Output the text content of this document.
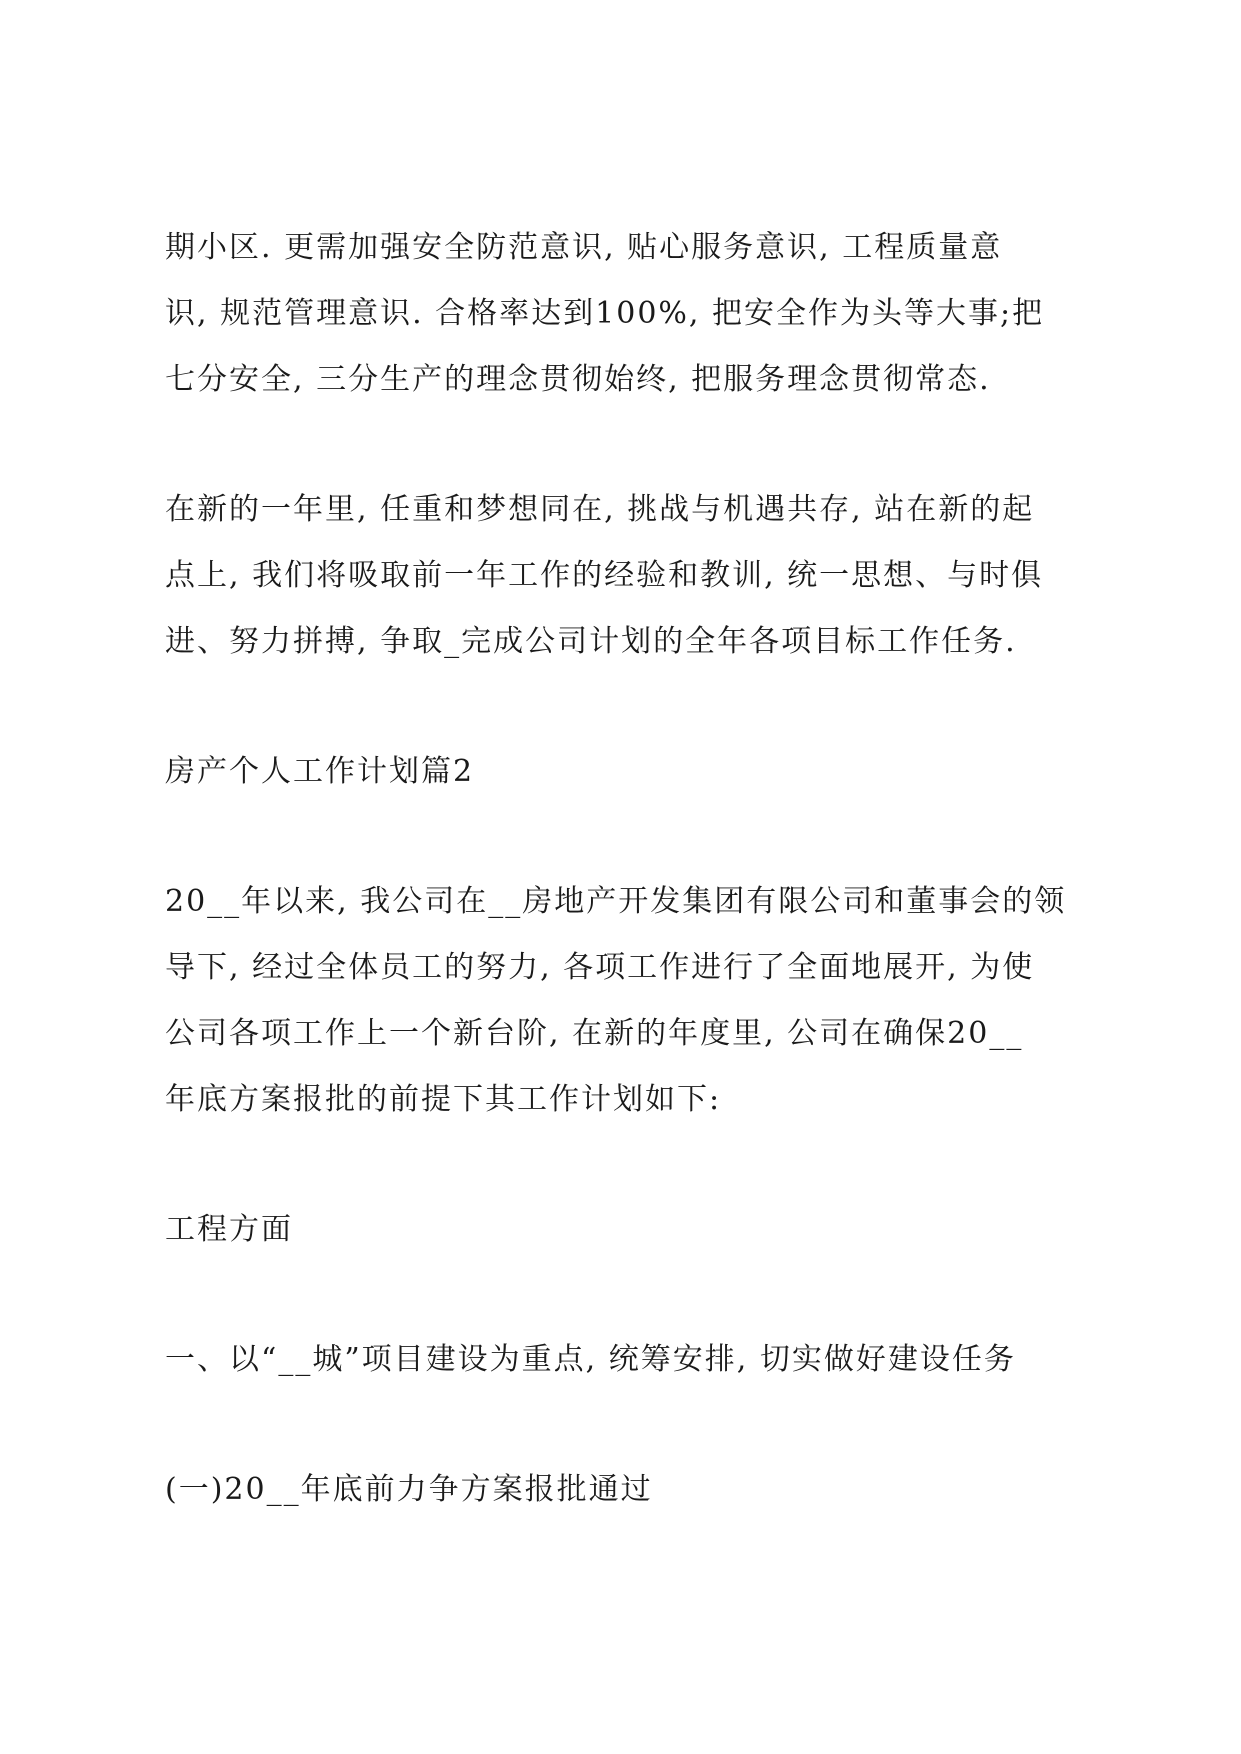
期小区. 更需加强安全防范意识, 贴心服务意识, 工程质量意

识, 规范管理意识. 合格率达到100%, 把安全作为头等大事;把

七分安全, 三分生产的理念贯彻始终, 把服务理念贯彻常态.

在新的一年里, 任重和梦想同在, 挑战与机遇共存, 站在新的起

点上, 我们将吸取前一年工作的经验和教训, 统一思想、与时俱

进、努力拼搏, 争取_完成公司计划的全年各项目标工作任务.

房产个人工作计划篇2

20__年以来, 我公司在__房地产开发集团有限公司和董事会的领

导下, 经过全体员工的努力, 各项工作进行了全面地展开, 为使

公司各项工作上一个新台阶, 在新的年度里, 公司在确保20__

年底方案报批的前提下其工作计划如下:

工程方面

一、以“__城”项目建设为重点, 统筹安排, 切实做好建设任务

(一)20__年底前力争方案报批通过
